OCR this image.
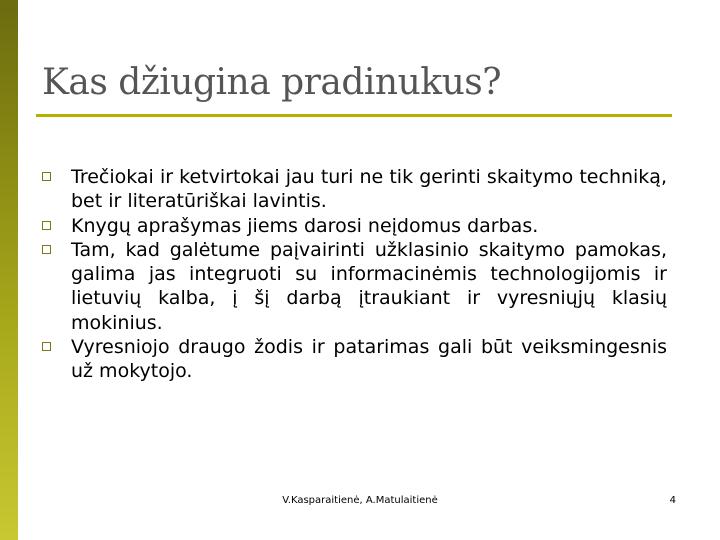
Kas džiugina pradinukus?
Trečiokai ir ketvirtokai jau turi ne tik gerinti skaitymo techniką, bet ir literatūriškai lavintis.
Knygų aprašymas jiems darosi neįdomus darbas.
Tam, kad galėtume paįvairinti užklasinio skaitymo pamokas, galima jas integruoti su informacinėmis technologijomis ir lietuvių kalba, į šį darbą įtraukiant ir vyresniųjų klasių mokinius.
Vyresniojo draugo žodis ir patarimas gali būt veiksmingesnis už mokytojo.
V.Kasparaitienė, A.Matulaitienė	4
